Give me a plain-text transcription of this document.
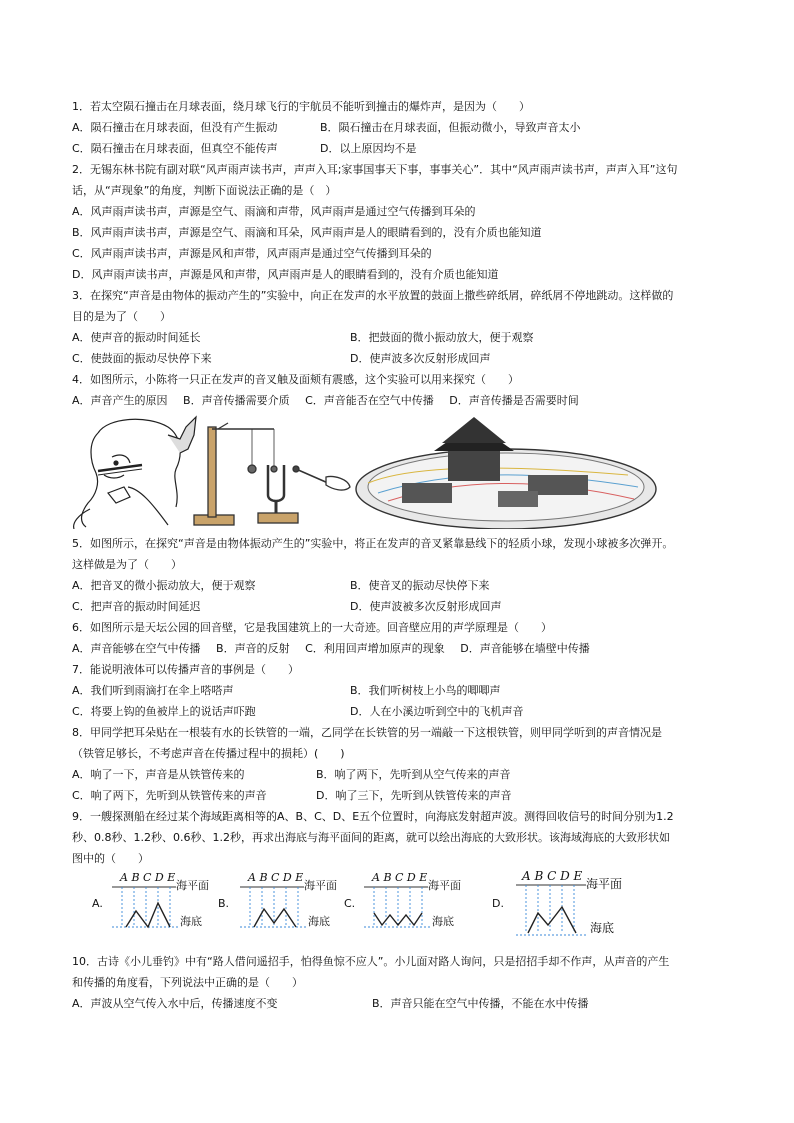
1．若太空陨石撞击在月球表面，绕月球飞行的宇航员不能听到撞击的爆炸声，是因为（　　）
A．陨石撞击在月球表面，但没有产生振动	B．陨石撞击在月球表面，但振动微小，导致声音太小
C．陨石撞击在月球表面，但真空不能传声	D．以上原因均不是
2．无锡东林书院有副对联“风声雨声读书声，声声入耳;家事国事天下事，事事关心”．其中“风声雨声读书声，声声入耳”这句
话，从“声现象”的角度，判断下面说法正确的是（　）
A．风声雨声读书声，声源是空气、雨滴和声带，风声雨声是通过空气传播到耳朵的
B．风声雨声读书声，声源是空气、雨滴和耳朵，风声雨声是人的眼睛看到的，没有介质也能知道
C．风声雨声读书声，声源是风和声带，风声雨声是通过空气传播到耳朵的
D．风声雨声读书声，声源是风和声带，风声雨声是人的眼睛看到的，没有介质也能知道
3．在探究“声音是由物体的振动产生的”实验中，向正在发声的水平放置的鼓面上撒些碎纸屑，碎纸屑不停地跳动。这样做的
目的是为了（　　）
A．使声音的振动时间延长	B．把鼓面的微小振动放大，便于观察
C．使鼓面的振动尽快停下来	D．使声波多次反射形成回声
4．如图所示，小陈将一只正在发声的音叉触及面颊有震感，这个实验可以用来探究（　　）
A．声音产生的原因 B．声音传播需要介质 C．声音能否在空气中传播 D．声音传播是否需要时间
5．如图所示，在探究“声音是由物体振动产生的”实验中，将正在发声的音叉紧靠悬线下的轻质小球，发现小球被多次弹开。
这样做是为了（　　）
A．把音叉的微小振动放大，便于观察	B．使音叉的振动尽快停下来
C．把声音的振动时间延迟	D．使声波被多次反射形成回声
6．如图所示是天坛公园的回音壁，它是我国建筑上的一大奇迹。回音壁应用的声学原理是（　　）
A．声音能够在空气中传播 B．声音的反射 C．利用回声增加原声的现象 D．声音能够在墙壁中传播
7．能说明液体可以传播声音的事例是（　　）
A．我们听到雨滴打在伞上嗒嗒声	B．我们听树枝上小鸟的唧唧声
C．将要上钩的鱼被岸上的说话声吓跑	D．人在小溪边听到空中的飞机声音
8．甲同学把耳朵贴在一根装有水的长铁管的一端，乙同学在长铁管的另一端敲一下这根铁管，则甲同学听到的声音情况是
（铁管足够长，不考虑声音在传播过程中的损耗）(　　)
A．响了一下，声音是从铁管传来的	B．响了两下，先听到从空气传来的声音
C．响了两下，先听到从铁管传来的声音	D．响了三下，先听到从铁管传来的声音
9．一艘探测船在经过某个海域距离相等的A、B、C、D、E五个位置时，向海底发射超声波。测得回收信号的时间分别为1.2
秒、0.8秒、1.2秒、0.6秒、1.2秒，再求出海底与海平面间的距离，就可以绘出海底的大致形状。该海域海底的大致形状如
图中的（　　）
A.
A B C D E
海平面
海底
B.
A B C D E
海平面
海底
C.
A B C D E
海平面
海底
D.
A B C D E
海平面
海底
10．古诗《小儿垂钓》中有“路人借问遥招手，怕得鱼惊不应人”。小儿面对路人询问，只是招招手却不作声，从声音的产生
和传播的角度看，下列说法中正确的是（　　）
A．声波从空气传入水中后，传播速度不变	B．声音只能在空气中传播，不能在水中传播
